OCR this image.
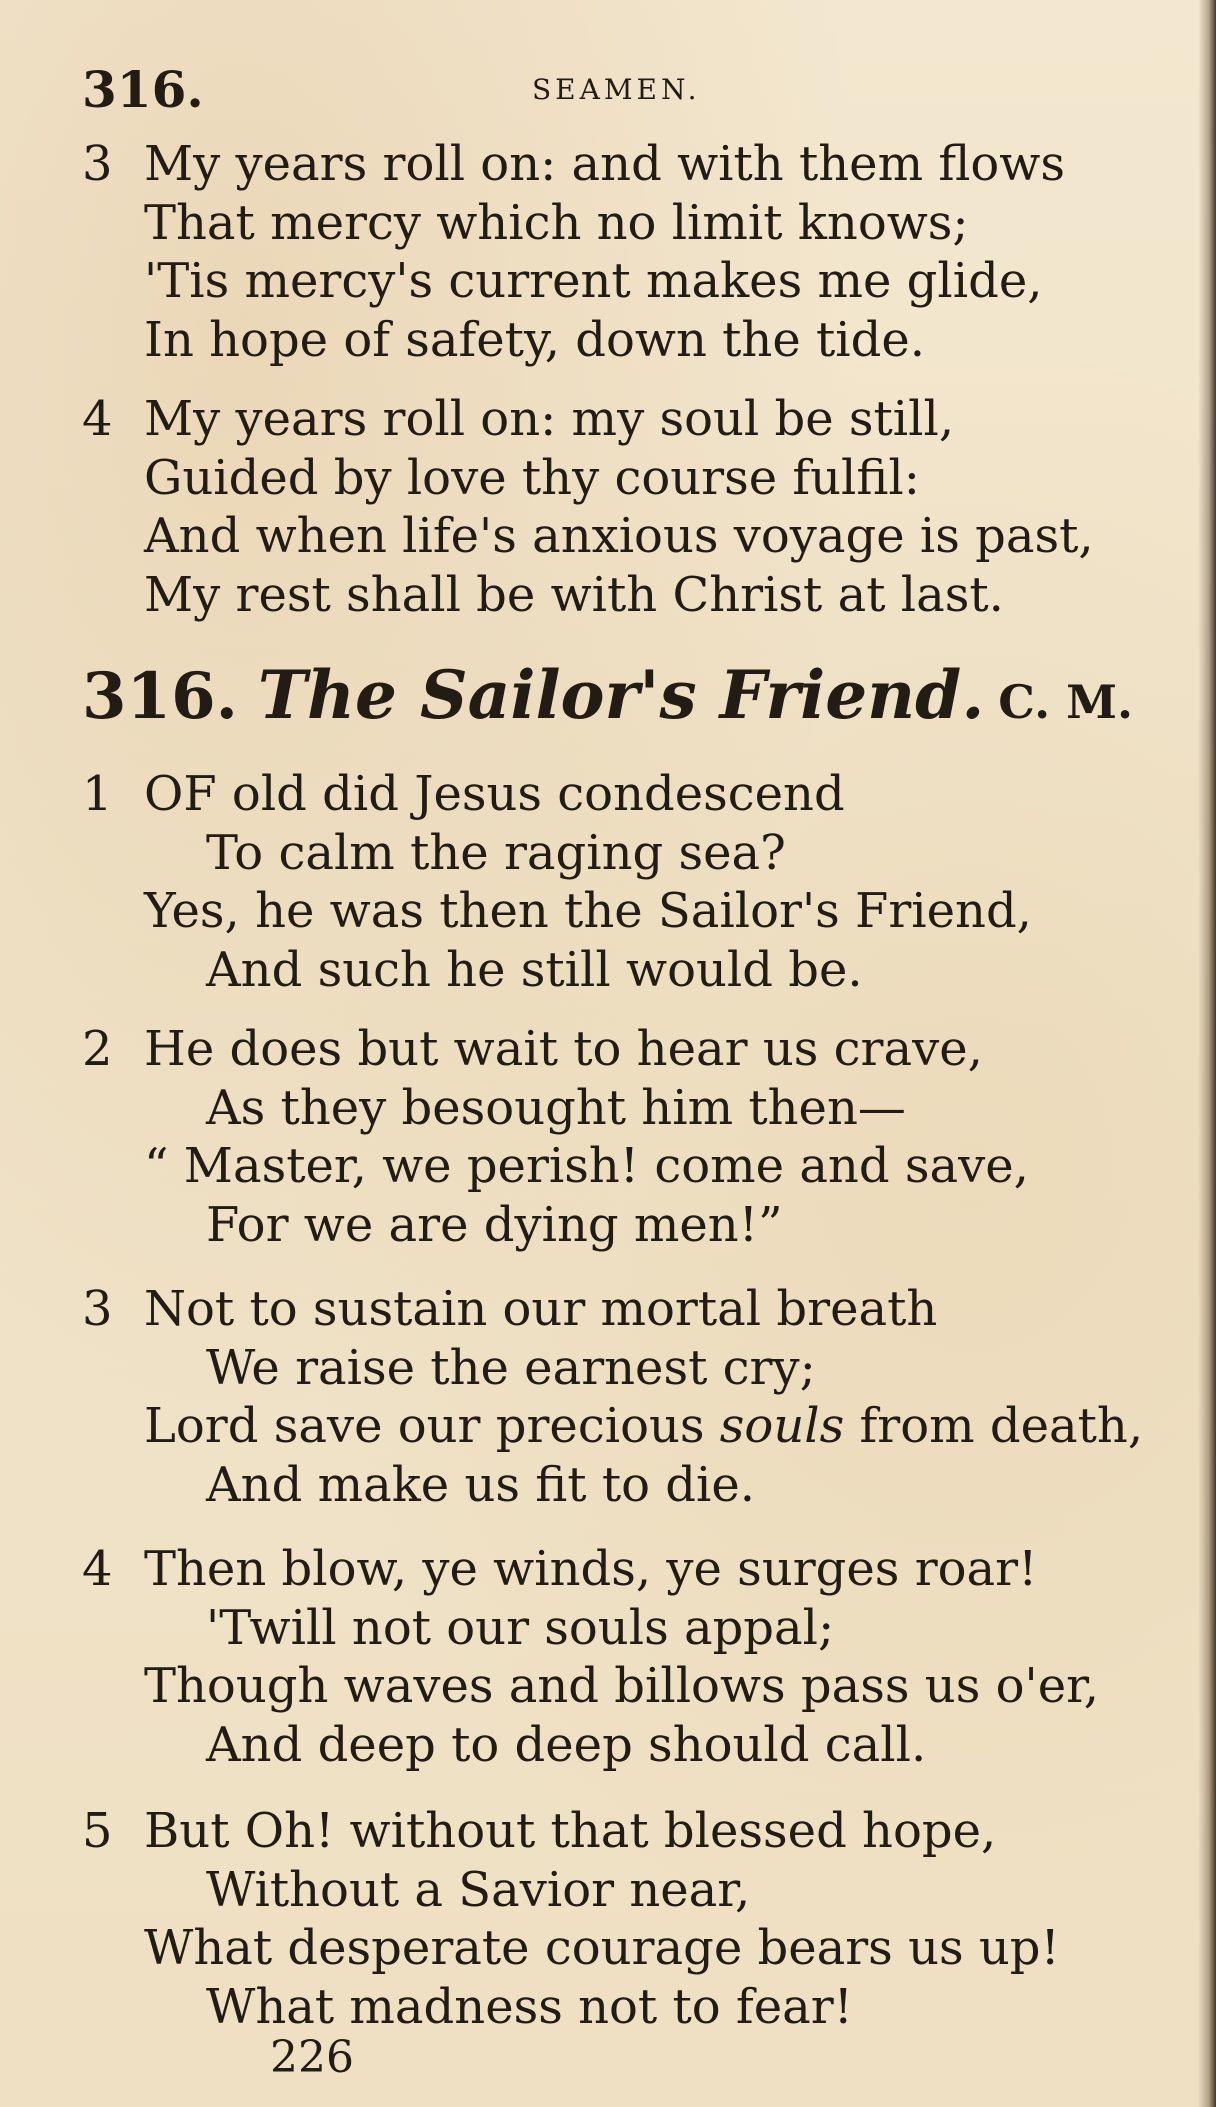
316.	SEAMEN.
3 My years roll on: and with them flows
That mercy which no limit knows;
'Tis mercy's current makes me glide,
In hope of safety, down the tide.
4 My years roll on: my soul be still,
Guided by love thy course fulfil:
And when life's anxious voyage is past,
My rest shall be with Christ at last.
316. The Sailor's Friend. C. M.
1 OF old did Jesus condescend
To calm the raging sea?
Yes, he was then the Sailor's Friend,
And such he still would be.
2 He does but wait to hear us crave,
As they besought him then—
“ Master, we perish! come and save,
For we are dying men!”
3 Not to sustain our mortal breath
We raise the earnest cry;
Lord save our precious souls from death,
And make us fit to die.
4 Then blow, ye winds, ye surges roar!
'Twill not our souls appal;
Though waves and billows pass us o'er,
And deep to deep should call.
5 But Oh! without that blessed hope,
Without a Savior near,
What desperate courage bears us up!
What madness not to fear!
226
